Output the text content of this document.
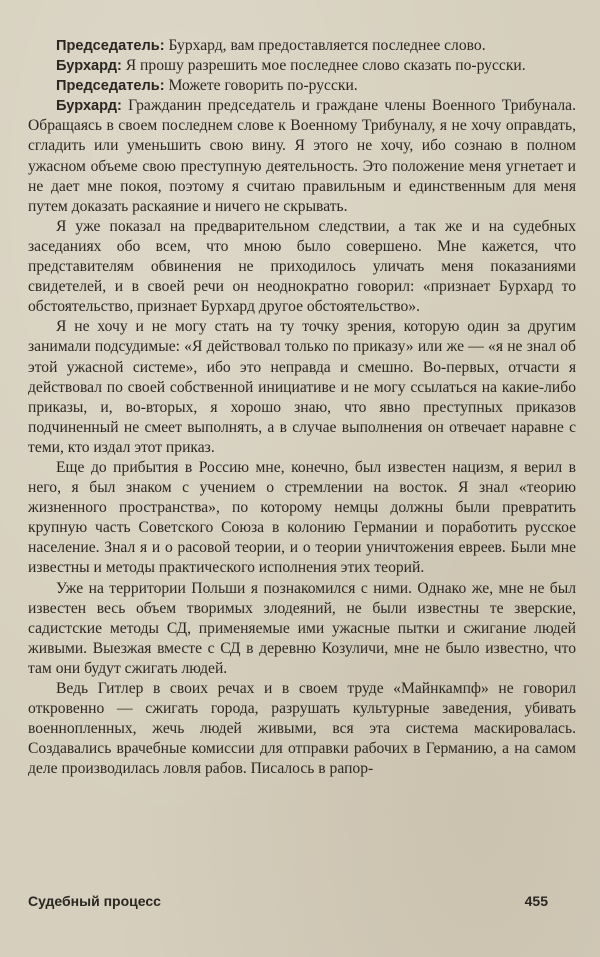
Председатель: Бурхард, вам предоставляется последнее слово.

Бурхард: Я прошу разрешить мое последнее слово сказать по-русски.

Председатель: Можете говорить по-русски.

Бурхард: Гражданин председатель и граждане члены Военного Трибунала. Обращаясь в своем последнем слове к Военному Трибуналу, я не хочу оправдать, сгладить или уменьшить свою вину. Я этого не хочу, ибо сознаю в полном ужасном объеме свою преступную деятельность. Это положение меня угнетает и не дает мне покоя, поэтому я считаю правильным и единственным для меня путем доказать раскаяние и ничего не скрывать.

Я уже показал на предварительном следствии, а так же и на судебных заседаниях обо всем, что мною было совершено. Мне кажется, что представителям обвинения не приходилось уличать меня показаниями свидетелей, и в своей речи он неоднократно говорил: «признает Бурхард то обстоятельство, признает Бурхард другое обстоятельство».

Я не хочу и не могу стать на ту точку зрения, которую один за другим занимали подсудимые: «Я действовал только по приказу» или же — «я не знал об этой ужасной системе», ибо это неправда и смешно. Во-первых, отчасти я действовал по своей собственной инициативе и не могу ссылаться на какие-либо приказы, и, во-вторых, я хорошо знаю, что явно преступных приказов подчиненный не смеет выполнять, а в случае выполнения он отвечает наравне с теми, кто издал этот приказ.

Еще до прибытия в Россию мне, конечно, был известен нацизм, я верил в него, я был знаком с учением о стремлении на восток. Я знал «теорию жизненного пространства», по которому немцы должны были превратить крупную часть Советского Союза в колонию Германии и поработить русское население. Знал я и о расовой теории, и о теории уничтожения евреев. Были мне известны и методы практического исполнения этих теорий.

Уже на территории Польши я познакомился с ними. Однако же, мне не был известен весь объем творимых злодеяний, не были известны те зверские, садистские методы СД, применяемые ими ужасные пытки и сжигание людей живыми. Выезжая вместе с СД в деревню Козуличи, мне не было известно, что там они будут сжигать людей.

Ведь Гитлер в своих речах и в своем труде «Майнкампф» не говорил откровенно — сжигать города, разрушать культурные заведения, убивать военнопленных, жечь людей живыми, вся эта система маскировалась. Создавались врачебные комиссии для отправки рабочих в Германию, а на самом деле производилась ловля рабов. Писалось в рапор-

Судебный процесс	455
